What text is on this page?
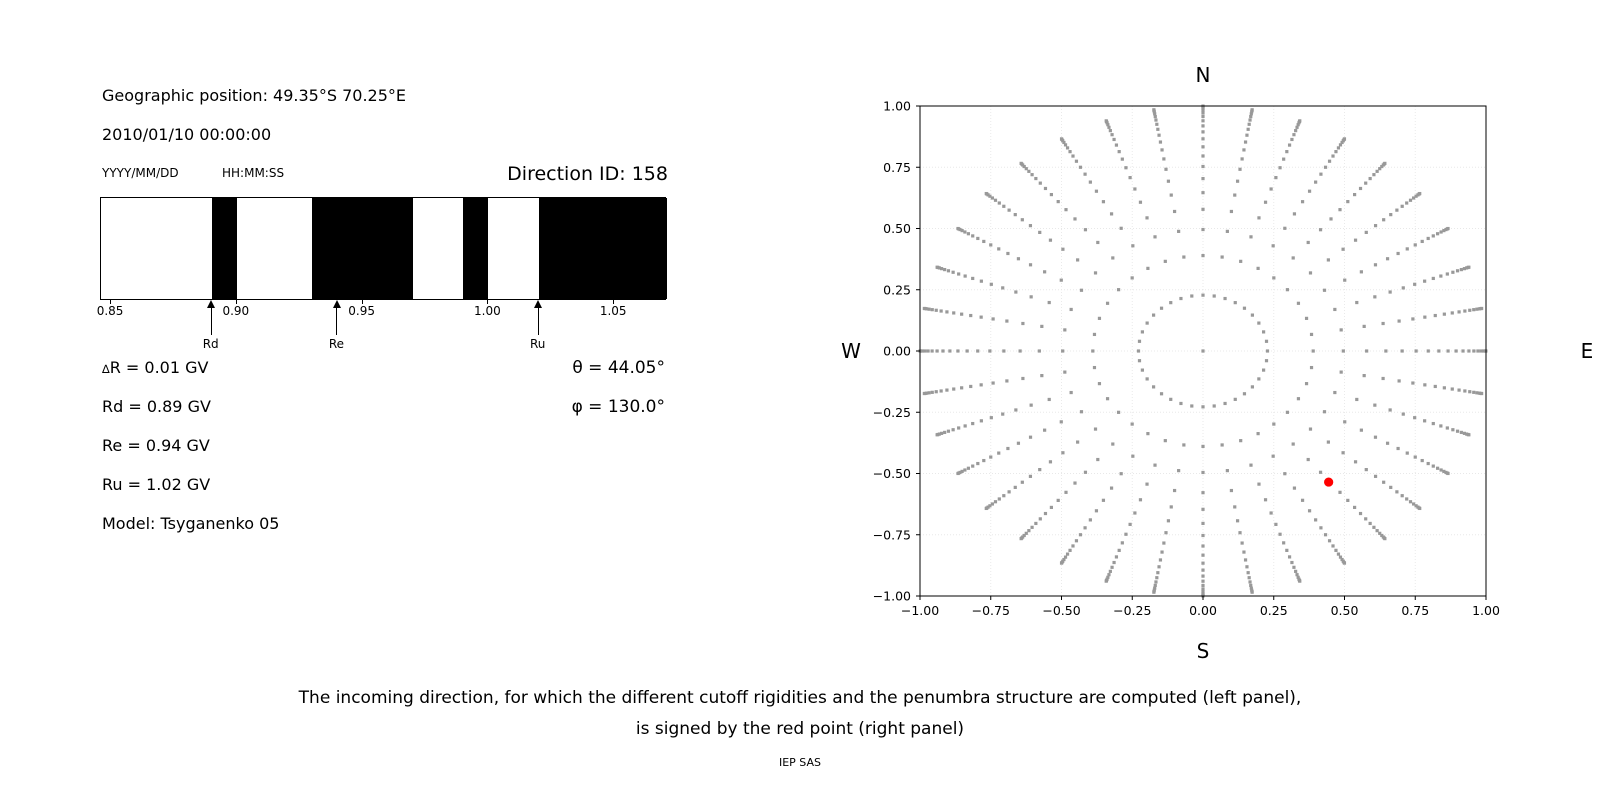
Geographic position: 49.35°S 70.25°E
2010/01/10 00:00:00
YYYY/MM/DD	HH:MM:SS	Direction ID: 158
0.85	0.90	0.95	1.00	1.05
Rd	Re	Ru
∆R = 0.01 GV
Rd = 0.89 GV
Re = 0.94 GV
Ru = 1.02 GV
Model: Tsyganenko 05
θ = 44.05°
φ = 130.0°
−1.00
1.00
−0.75
0.75
−0.50
0.50
−0.25
0.25
0.00
0.00
0.25
−0.25
0.50
−0.50
0.75
−0.75
1.00
−1.00
N
S
W	E
The incoming direction, for which the different cutoff rigidities and the penumbra structure are computed (left panel),
is signed by the red point (right panel)
IEP SAS
